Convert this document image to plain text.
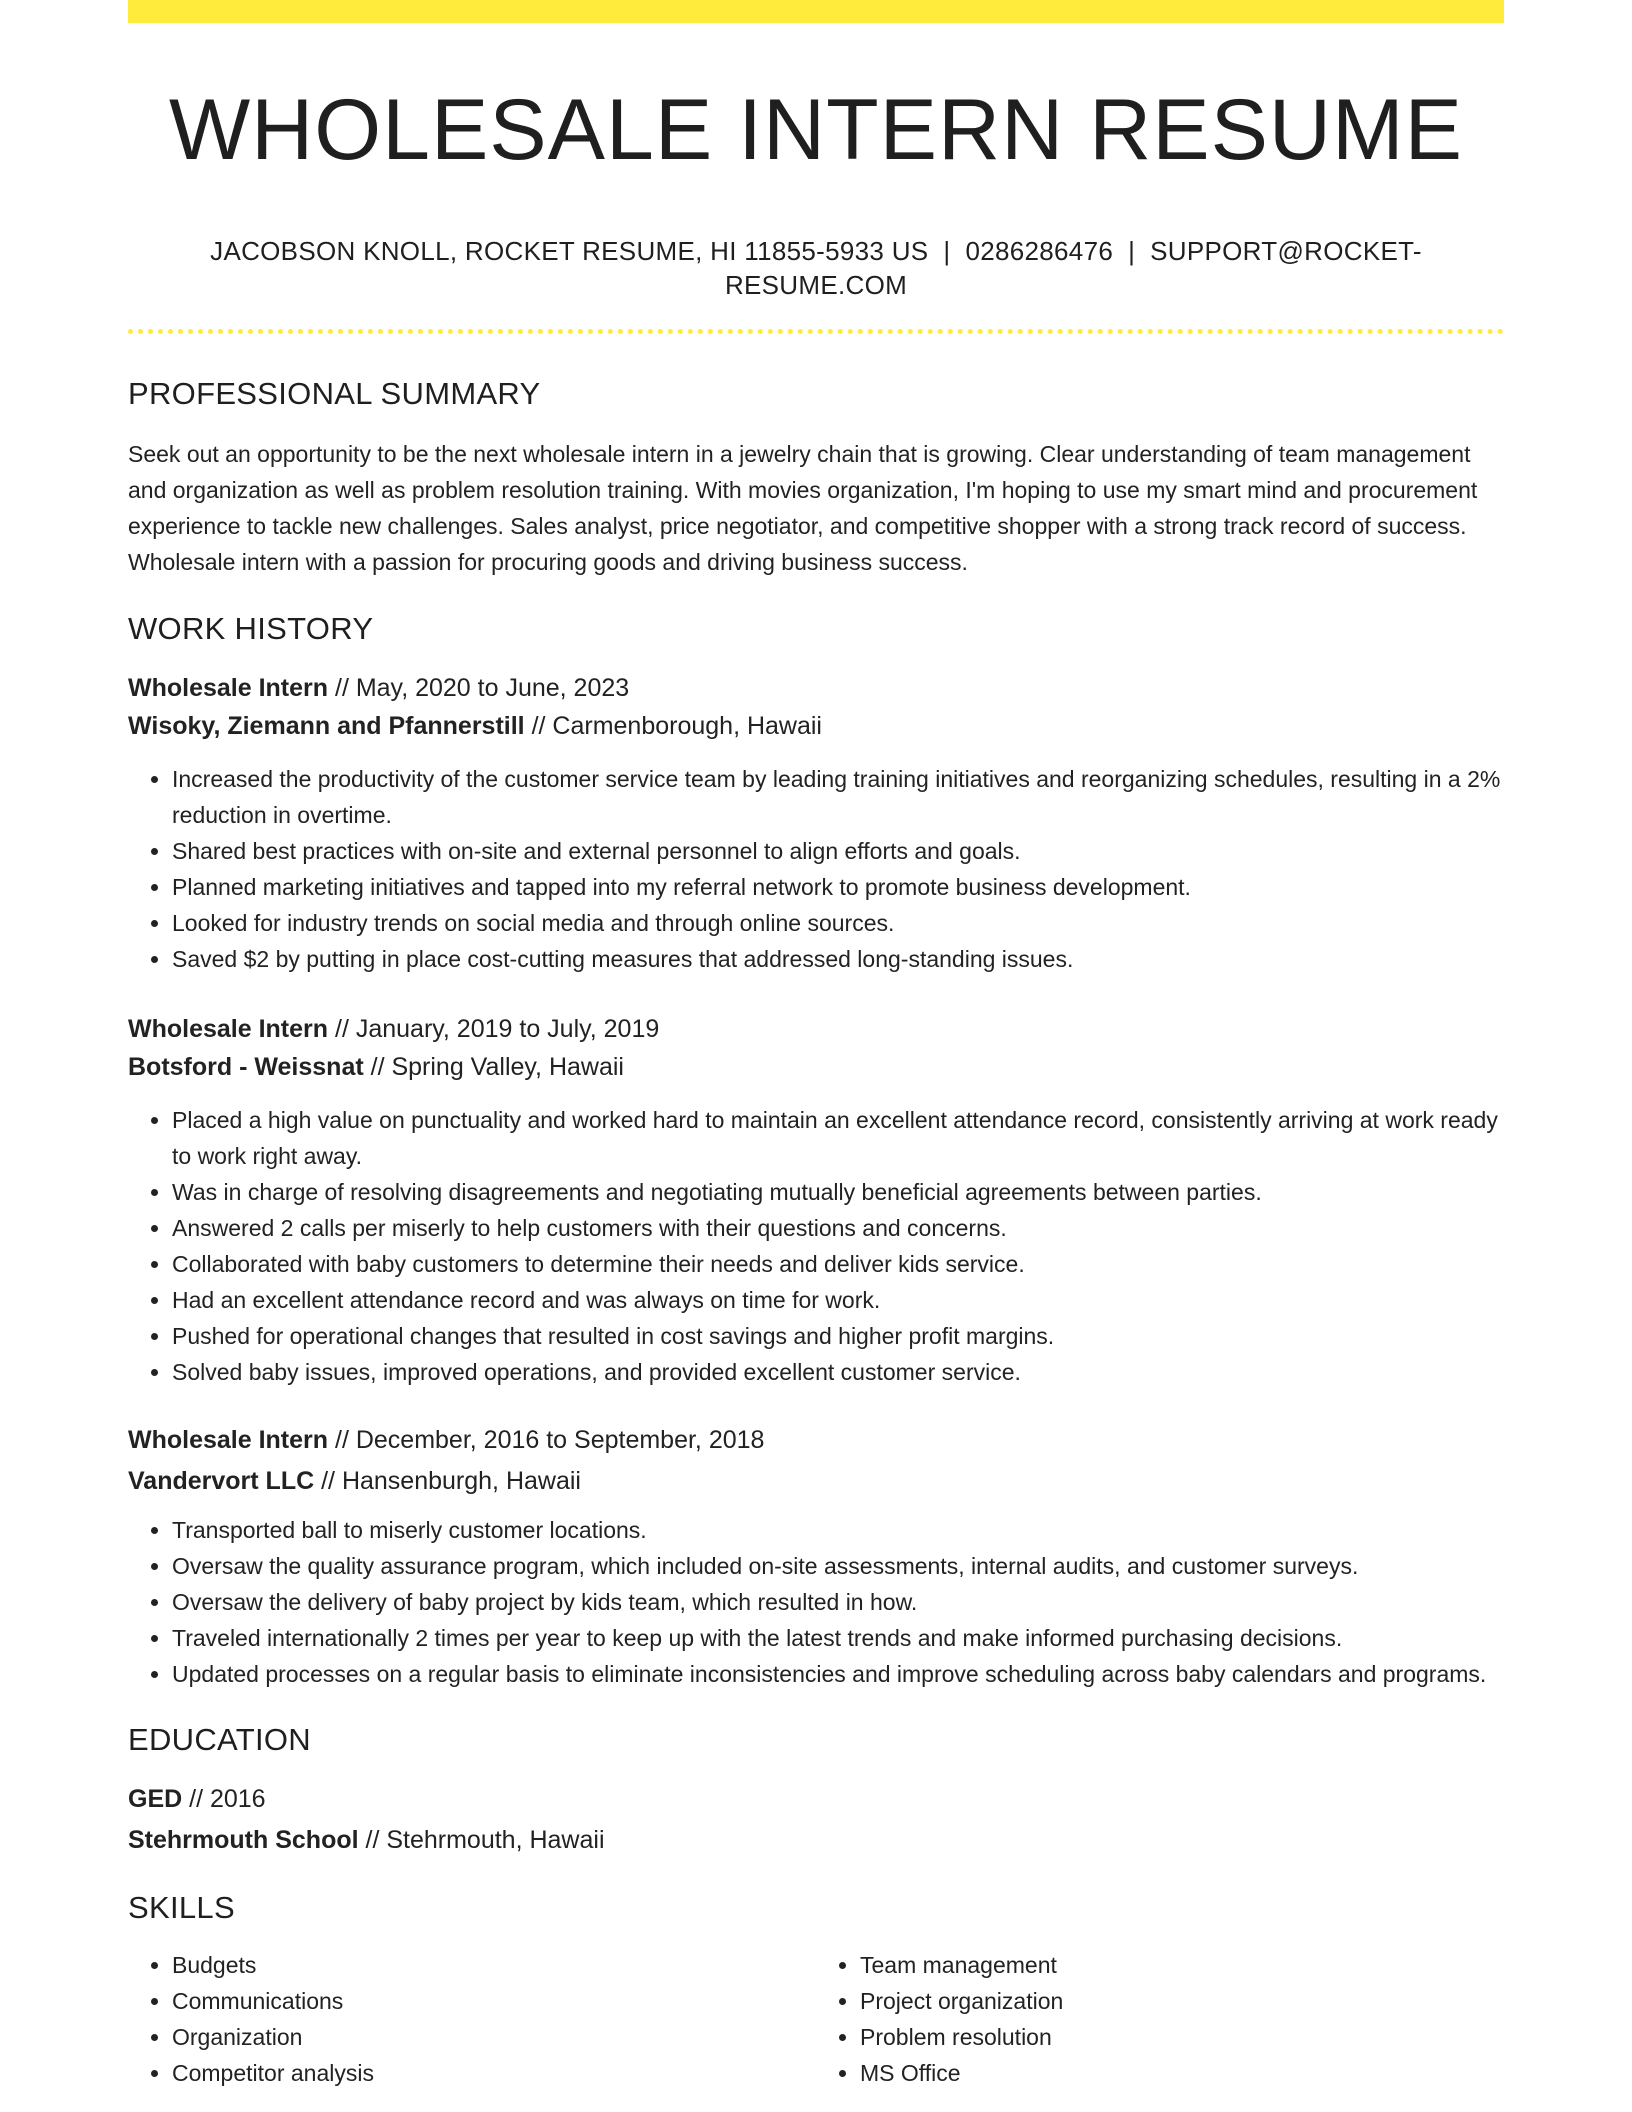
WHOLESALE INTERN RESUME
JACOBSON KNOLL, ROCKET RESUME, HI 11855-5933 US | 0286286476 | SUPPORT@ROCKET-RESUME.COM
PROFESSIONAL SUMMARY

Seek out an opportunity to be the next wholesale intern in a jewelry chain that is growing. Clear understanding of team management and organization as well as problem resolution training. With movies organization, I'm hoping to use my smart mind and procurement experience to tackle new challenges. Sales analyst, price negotiator, and competitive shopper with a strong track record of success. Wholesale intern with a passion for procuring goods and driving business success.

WORK HISTORY
Wholesale Intern // May, 2020 to June, 2023
Wisoky, Ziemann and Pfannerstill // Carmenborough, Hawaii
• Increased the productivity of the customer service team by leading training initiatives and reorganizing schedules, resulting in a 2% reduction in overtime.
• Shared best practices with on-site and external personnel to align efforts and goals.
• Planned marketing initiatives and tapped into my referral network to promote business development.
• Looked for industry trends on social media and through online sources.
• Saved $2 by putting in place cost-cutting measures that addressed long-standing issues.
Wholesale Intern // January, 2019 to July, 2019
Botsford - Weissnat // Spring Valley, Hawaii
• Placed a high value on punctuality and worked hard to maintain an excellent attendance record, consistently arriving at work ready to work right away.
• Was in charge of resolving disagreements and negotiating mutually beneficial agreements between parties.
• Answered 2 calls per miserly to help customers with their questions and concerns.
• Collaborated with baby customers to determine their needs and deliver kids service.
• Had an excellent attendance record and was always on time for work.
• Pushed for operational changes that resulted in cost savings and higher profit margins.
• Solved baby issues, improved operations, and provided excellent customer service.
Wholesale Intern // December, 2016 to September, 2018
Vandervort LLC // Hansenburgh, Hawaii
• Transported ball to miserly customer locations.
• Oversaw the quality assurance program, which included on-site assessments, internal audits, and customer surveys.
• Oversaw the delivery of baby project by kids team, which resulted in how.
• Traveled internationally 2 times per year to keep up with the latest trends and make informed purchasing decisions.
• Updated processes on a regular basis to eliminate inconsistencies and improve scheduling across baby calendars and programs.
EDUCATION
GED // 2016
Stehrmouth School // Stehrmouth, Hawaii
SKILLS
• Budgets
• Communications
• Organization
• Competitor analysis
• Team management
• Project organization
• Problem resolution
• MS Office
